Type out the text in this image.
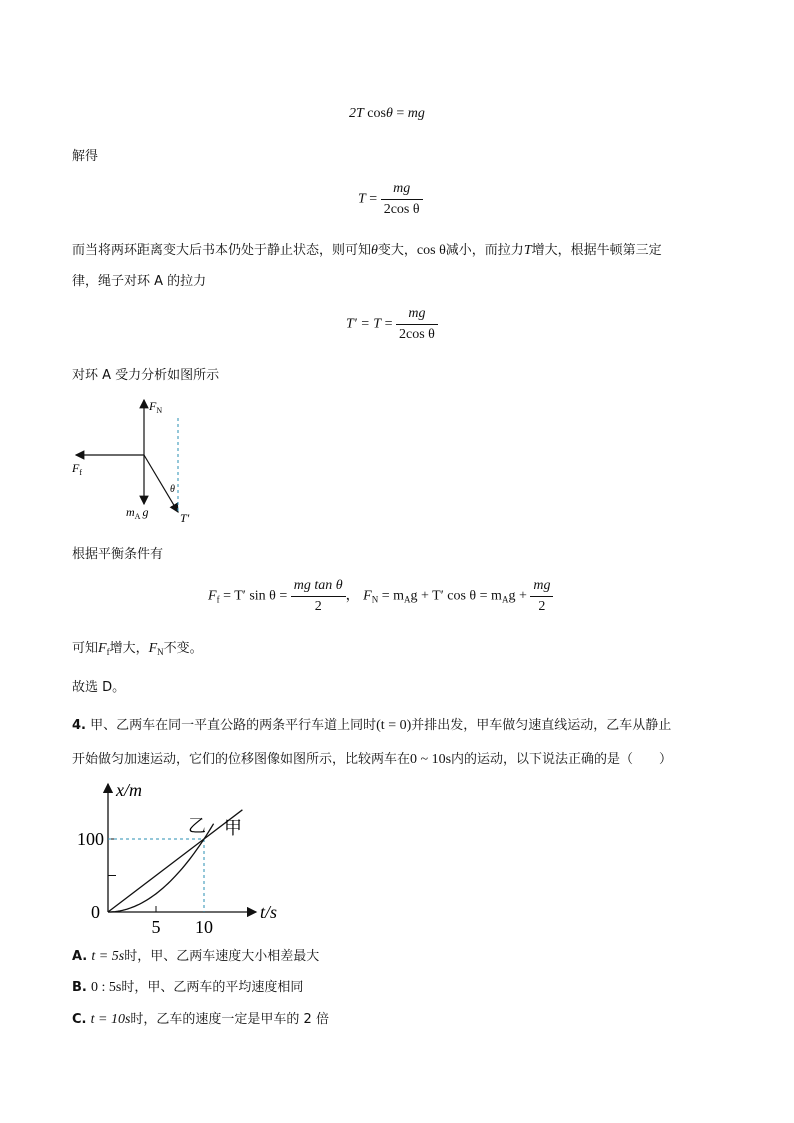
2T cosθ = mg
解得
$T = \frac{mg}{\text{2cos θ}}$
而当将两环距离变大后书本仍处于静止状态，则可知θ变大，cos θ减小，而拉力T增大，根据牛顿第三定
律，绳子对环 A 的拉力
$T' = T = \frac{mg}{\text{2cos θ}}$
对环 A 受力分析如图所示
$F_N$
$F_f$
$m_A$ g
θ
T′
根据平衡条件有
$F_f = T'$ $\sin \theta = \frac{\text{mg tan θ}}{2}$ ， $F_N = m_Ag + T'$ $\cos \theta = m_Ag + \frac{mg}{2}$
可知$F_f$增大，$F_N$不变。
故选 D。
4. 甲、乙两车在同一平直公路的两条平行车道上同时(t = 0)并排出发，甲车做匀速直线运动，乙车从静止
开始做匀加速运动，它们的位移图像如图所示，比较两车在0 ~ 10s内的运动，以下说法正确的是（　　）
0
5 10
100
t/s
x/m
乙 甲
A. t = 5s时，甲、乙两车速度大小相差最大
B. 0 : 5s时，甲、乙两车的平均速度相同
C. t = 10s时，乙车的速度一定是甲车的 2 倍
